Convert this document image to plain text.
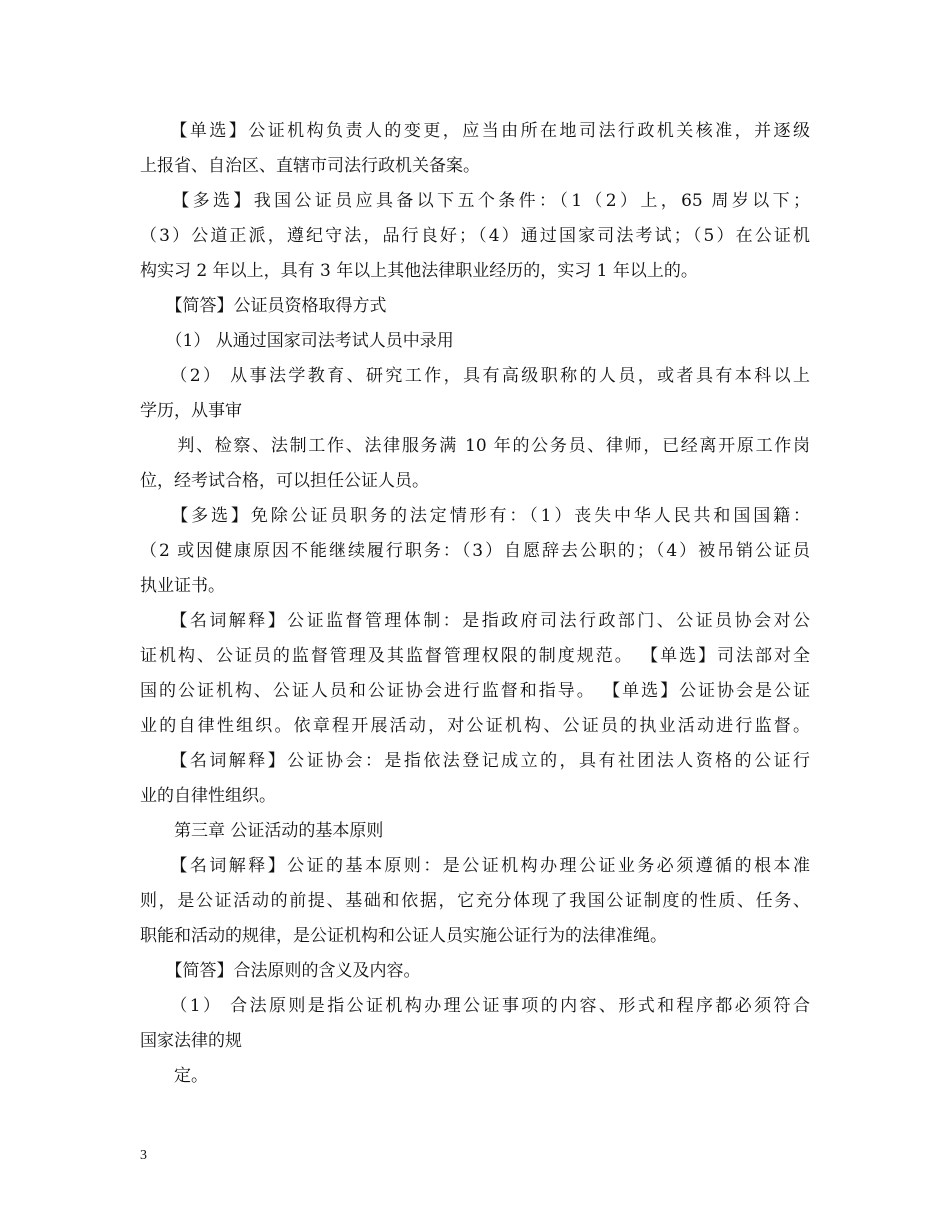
　　【单选】公证机构负责人的变更，应当由所在地司法行政机关核准，并逐级
上报省、自治区、直辖市司法行政机关备案。
　　【多选】我国公证员应具备以下五个条件：（1（2）上，65 周岁以下；
（3）公道正派，遵纪守法，品行良好；（4）通过国家司法考试；（5）在公证机
构实习 2 年以上，具有 3 年以上其他法律职业经历的，实习 1 年以上的。
　　【简答】公证员资格取得方式
　　（1） 从通过国家司法考试人员中录用
　　（2） 从事法学教育、研究工作，具有高级职称的人员，或者具有本科以上
学历，从事审
　　判、检察、法制工作、法律服务满 10 年的公务员、律师，已经离开原工作岗
位，经考试合格，可以担任公证人员。
　　【多选】免除公证员职务的法定情形有：（1）丧失中华人民共和国国籍：
（2 或因健康原因不能继续履行职务：（3）自愿辞去公职的；（4）被吊销公证员
执业证书。
　　【名词解释】公证监督管理体制：是指政府司法行政部门、公证员协会对公
证机构、公证员的监督管理及其监督管理权限的制度规范。 【单选】司法部对全
国的公证机构、公证人员和公证协会进行监督和指导。 【单选】公证协会是公证
业的自律性组织。依章程开展活动，对公证机构、公证员的执业活动进行监督。
　　【名词解释】公证协会：是指依法登记成立的，具有社团法人资格的公证行
业的自律性组织。
　　第三章 公证活动的基本原则
　　【名词解释】公证的基本原则：是公证机构办理公证业务必须遵循的根本准
则，是公证活动的前提、基础和依据，它充分体现了我国公证制度的性质、任务、
职能和活动的规律，是公证机构和公证人员实施公证行为的法律准绳。
　　【简答】合法原则的含义及内容。
　　（1） 合法原则是指公证机构办理公证事项的内容、形式和程序都必须符合
国家法律的规
　　定。
3
